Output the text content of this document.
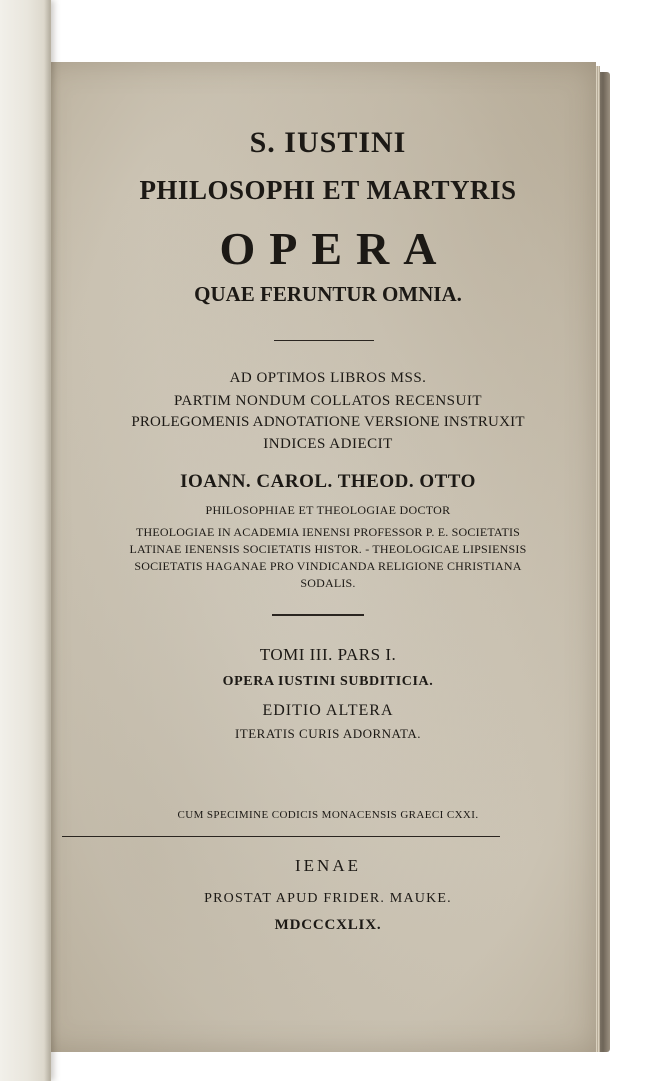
S. IUSTINI
PHILOSOPHI ET MARTYRIS
OPERA
QUAE FERUNTUR OMNIA.
AD OPTIMOS LIBROS MSS.
PARTIM NONDUM COLLATOS RECENSUIT
PROLEGOMENIS ADNOTATIONE VERSIONE INSTRUXIT
INDICES ADIECIT
IOANN. CAROL. THEOD. OTTO
PHILOSOPHIAE ET THEOLOGIAE DOCTOR
THEOLOGIAE IN ACADEMIA IENENSI PROFESSOR P. E. SOCIETATIS
LATINAE IENENSIS SOCIETATIS HISTOR. - THEOLOGICAE LIPSIENSIS
SOCIETATIS HAGANAE PRO VINDICANDA RELIGIONE CHRISTIANA
SODALIS.
TOMI III. PARS I.
OPERA IUSTINI SUBDITICIA.
EDITIO ALTERA
ITERATIS CURIS ADORNATA.
CUM SPECIMINE CODICIS MONACENSIS GRAECI CXXI.
IENAE
PROSTAT APUD FRIDER. MAUKE.
MDCCCXLIX.
